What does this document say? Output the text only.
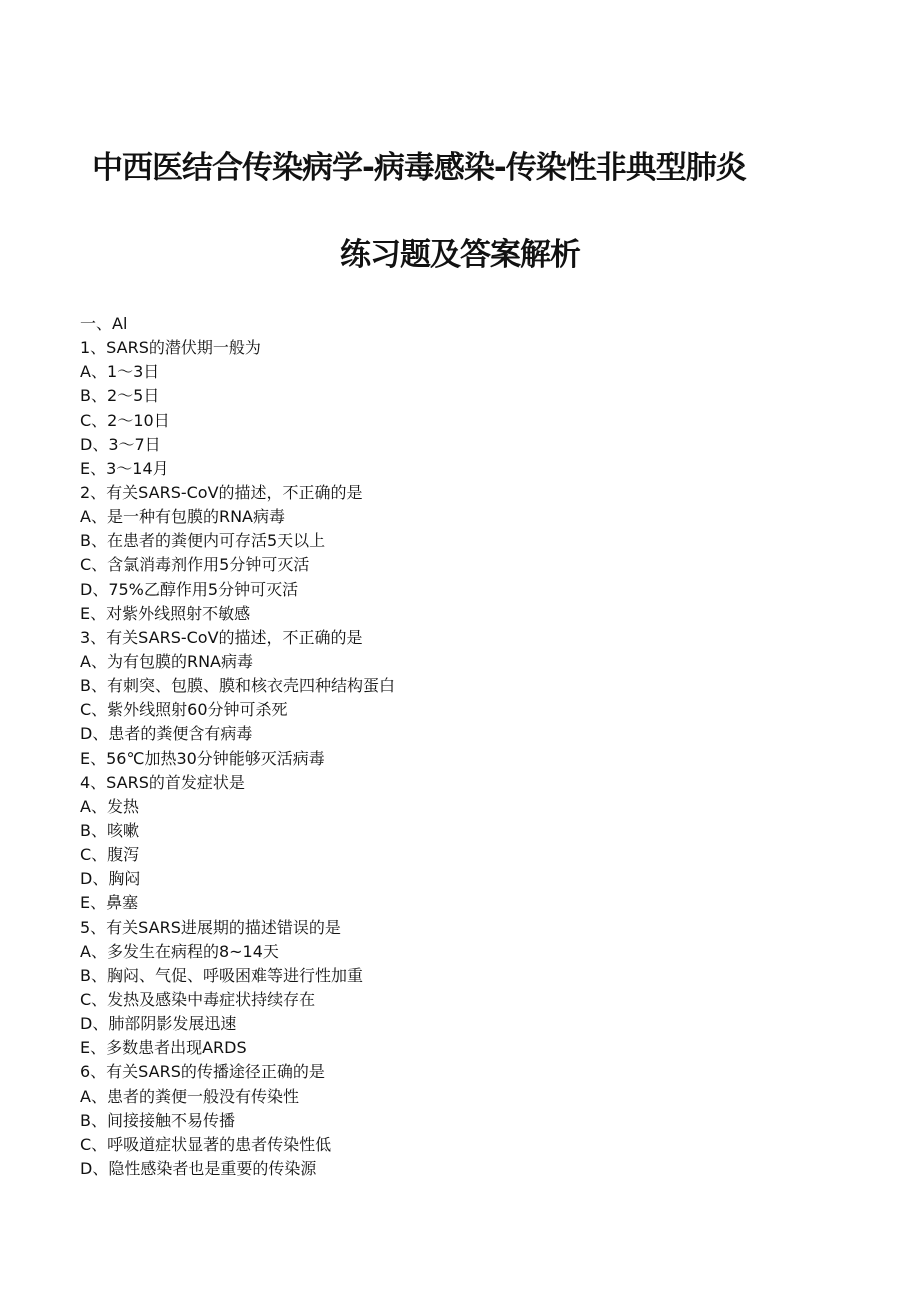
中西医结合传染病学-病毒感染-传染性非典型肺炎
练习题及答案解析
一、Al
1、SARS的潜伏期一般为
A、1～3日
B、2～5日
C、2～10日
D、3～7日
E、3～14月
2、有关SARS-CoV的描述，不正确的是
A、是一种有包膜的RNA病毒
B、在患者的粪便内可存活5天以上
C、含氯消毒剂作用5分钟可灭活
D、75%乙醇作用5分钟可灭活
E、对紫外线照射不敏感
3、有关SARS-CoV的描述，不正确的是
A、为有包膜的RNA病毒
B、有刺突、包膜、膜和核衣壳四种结构蛋白
C、紫外线照射60分钟可杀死
D、患者的粪便含有病毒
E、56℃加热30分钟能够灭活病毒
4、SARS的首发症状是
A、发热
B、咳嗽
C、腹泻
D、胸闷
E、鼻塞
5、有关SARS进展期的描述错误的是
A、多发生在病程的8~14天
B、胸闷、气促、呼吸困难等进行性加重
C、发热及感染中毒症状持续存在
D、肺部阴影发展迅速
E、多数患者出现ARDS
6、有关SARS的传播途径正确的是
A、患者的粪便一般没有传染性
B、间接接触不易传播
C、呼吸道症状显著的患者传染性低
D、隐性感染者也是重要的传染源
